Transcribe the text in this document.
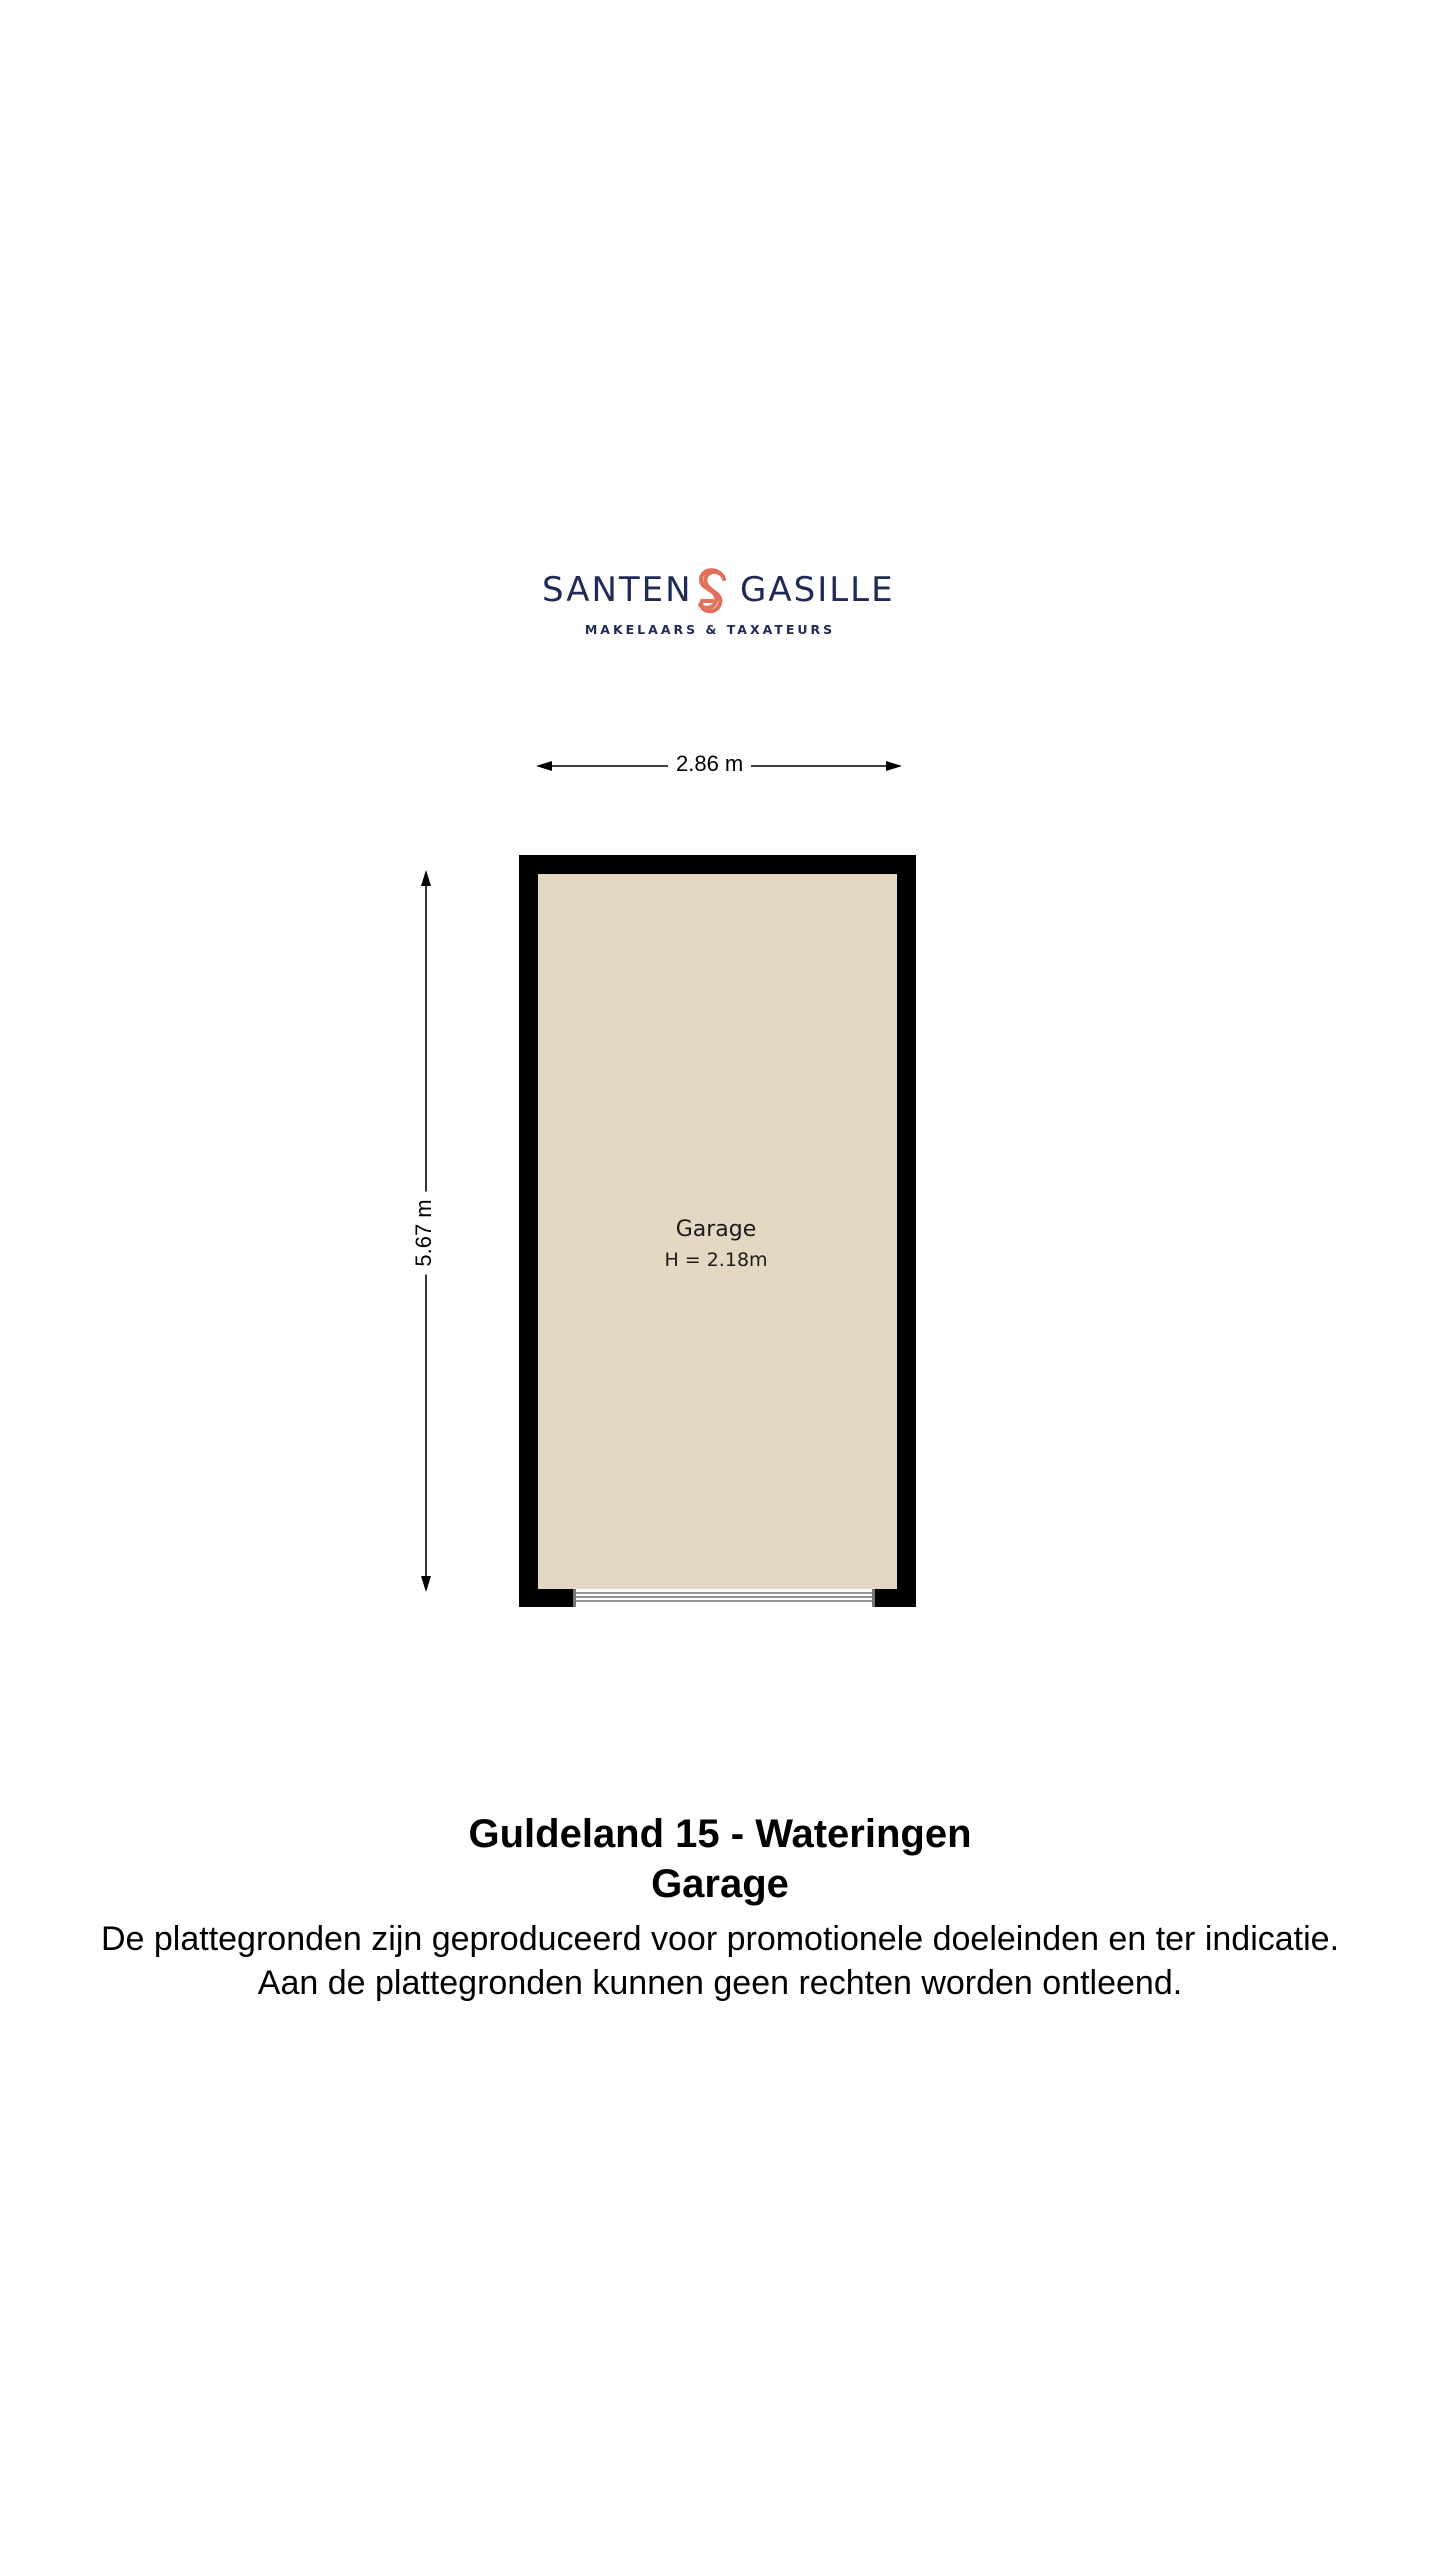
SANTEN GASILLE
MAKELAARS & TAXATEURS
2.86 m
5.67 m	Garage
H = 2.18m
Guldeland 15 - Wateringen
Garage
De plattegronden zijn geproduceerd voor promotionele doeleinden en ter indicatie.
Aan de plattegronden kunnen geen rechten worden ontleend.
